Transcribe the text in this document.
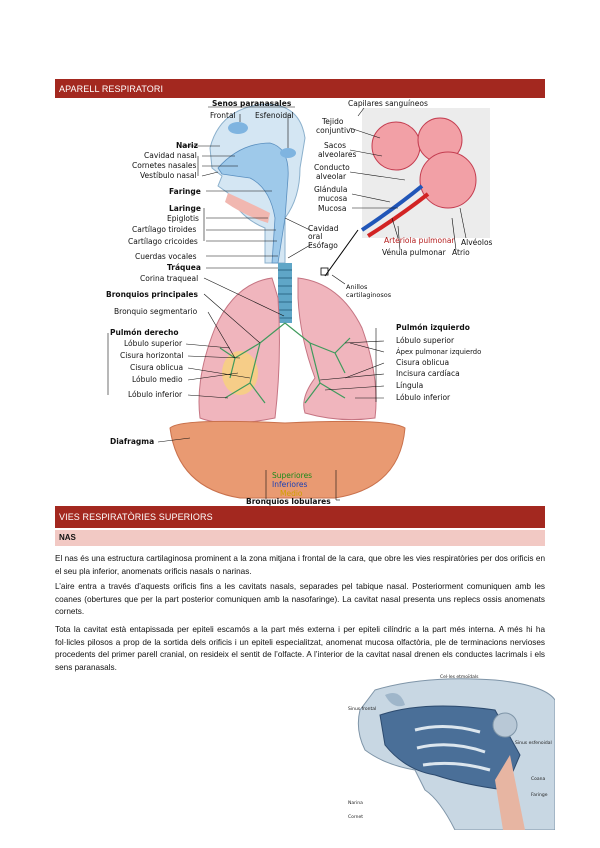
APARELL RESPIRATORI
Senos paranasales
Frontal	Esfenoidal
Nariz
Cavidad nasal
Cornetes nasales
Vestíbulo nasal
Faringe
Laringe
Epiglotis
Cartílago tiroides
Cartílago cricoides
Cuerdas vocales
Tráquea
Corina traqueal
Bronquios principales
Bronquio segmentario
Pulmón derecho
Lóbulo superior
Cisura horizontal
Cisura oblicua
Lóbulo medio
Lóbulo inferior
Diafragma
Capilares sanguíneos
Tejido
conjuntivo
Sacos
alveolares
Conducto
alveolar
Glándula
mucosa
Mucosa
Arteriola pulmonar
Vénula pulmonar
Alvéolos
Atrio
Cavidad
oral
Esófago
Anillos
cartilaginosos
Pulmón izquierdo
Lóbulo superior
Ápex pulmonar izquierdo
Cisura oblicua
Incisura cardíaca
Língula
Lóbulo inferior
Superiores
Inferiores
Medio
Bronquios lobulares
VIES RESPIRATÒRIES SUPERIORS
NAS

El nas és una estructura cartilaginosa prominent a la zona mitjana i frontal de la cara, que obre les vies respiratòries per dos orificis en el seu pla inferior, anomenats orificis nasals o narinas.

L’aire entra a través d’aquests orificis fins a les cavitats nasals, separades pel tabique nasal. Posteriorment comuniquen amb les coanes (obertures que per la part posterior comuniquen amb la nasofaringe). La cavitat nasal presenta uns replecs ossis anomenats cornets.

Tota la cavitat està entapissada per epiteli escamós a la part més externa i per epiteli cilíndric a la part més interna. A més hi ha fol·licles pilosos a prop de la sortida dels orificis i un epiteli especialitzat, anomenat mucosa olfactòria, ple de terminacions nervioses procedents del primer parell cranial, on resideix el sentit de l’olfacte. A l’interior de la cavitat nasal drenen els conductes lacrimals i els sens paranasals.

Cel·les etmoïdals
Sinus frontal
Sinus esfenoidal
Coana
Faringe
Narina
Cornet
